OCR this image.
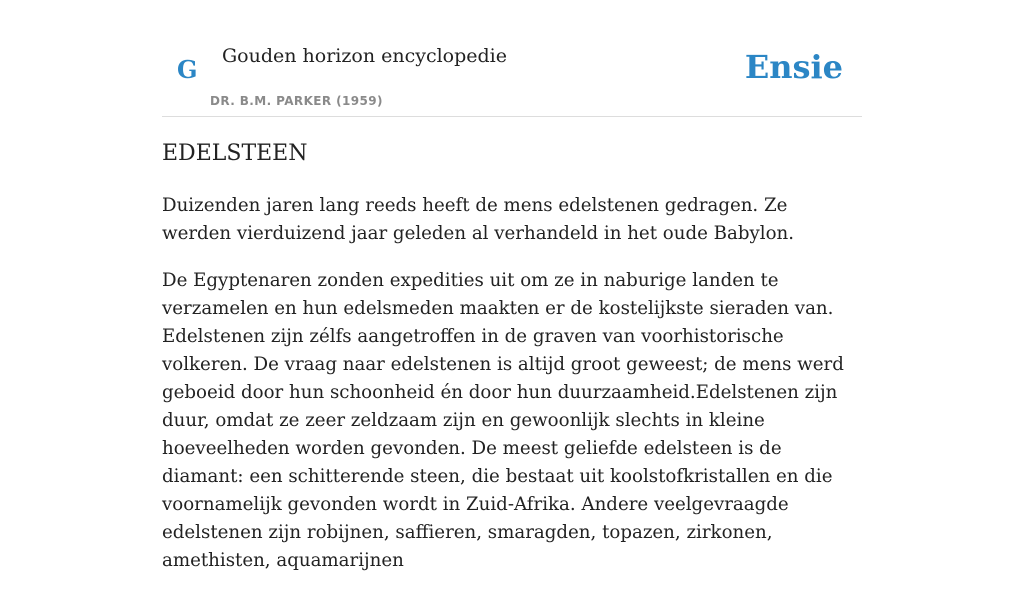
G Gouden horizon encyclopedie
DR. B.M. PARKER (1959)
Ensie
EDELSTEEN

Duizenden jaren lang reeds heeft de mens edelstenen gedragen. Ze werden vierduizend jaar geleden al verhandeld in het oude Babylon.

De Egyptenaren zonden expedities uit om ze in naburige landen te verzamelen en hun edelsmeden maakten er de kostelijkste sieraden van. Edelstenen zijn zélfs aangetroffen in de graven van voorhistorische volkeren. De vraag naar edelstenen is altijd groot geweest; de mens werd geboeid door hun schoonheid én door hun duurzaamheid.Edelstenen zijn duur, omdat ze zeer zeldzaam zijn en gewoonlijk slechts in kleine hoeveelheden worden gevonden. De meest geliefde edelsteen is de diamant: een schitterende steen, die bestaat uit koolstofkristallen en die voornamelijk gevonden wordt in Zuid-Afrika. Andere veelgevraagde edelstenen zijn robijnen, saffieren, smaragden, topazen, zirkonen, amethisten, aquamarijnen
